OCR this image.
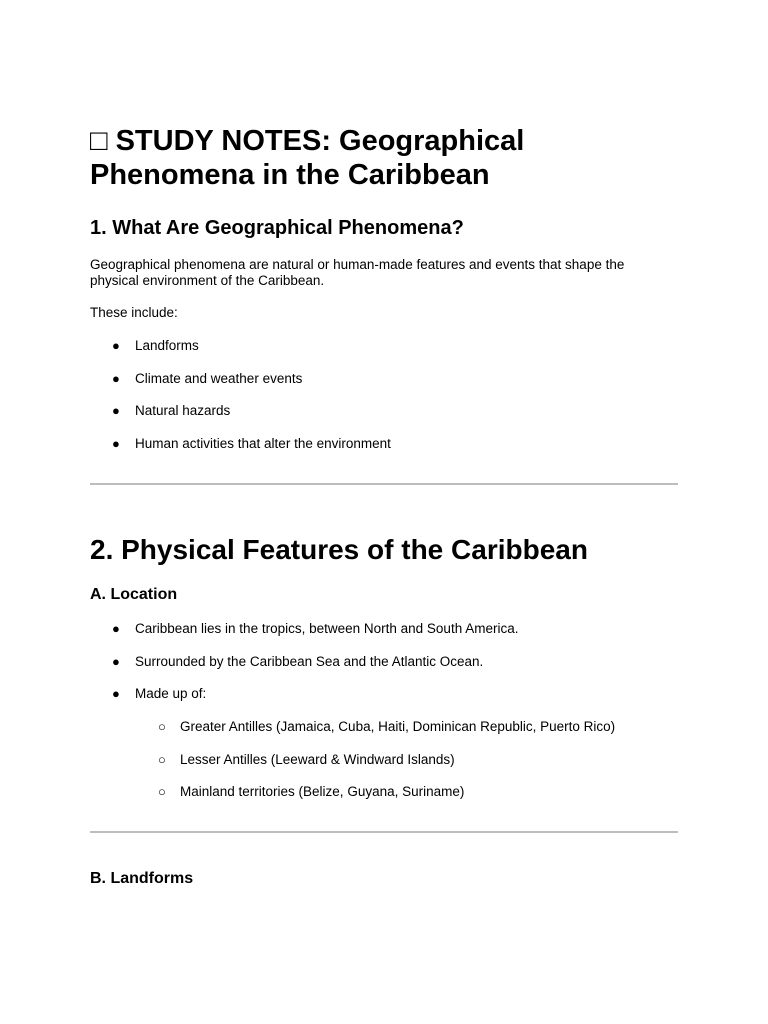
□ STUDY NOTES: Geographical Phenomena in the Caribbean
1. What Are Geographical Phenomena?

Geographical phenomena are natural or human-made features and events that shape the physical environment of the Caribbean.

These include:

● Landforms
● Climate and weather events
● Natural hazards
● Human activities that alter the environment
2. Physical Features of the Caribbean
A. Location
● Caribbean lies in the tropics, between North and South America.
● Surrounded by the Caribbean Sea and the Atlantic Ocean.
● Made up of:
○ Greater Antilles (Jamaica, Cuba, Haiti, Dominican Republic, Puerto Rico)
○ Lesser Antilles (Leeward & Windward Islands)
○ Mainland territories (Belize, Guyana, Suriname)
B. Landforms
